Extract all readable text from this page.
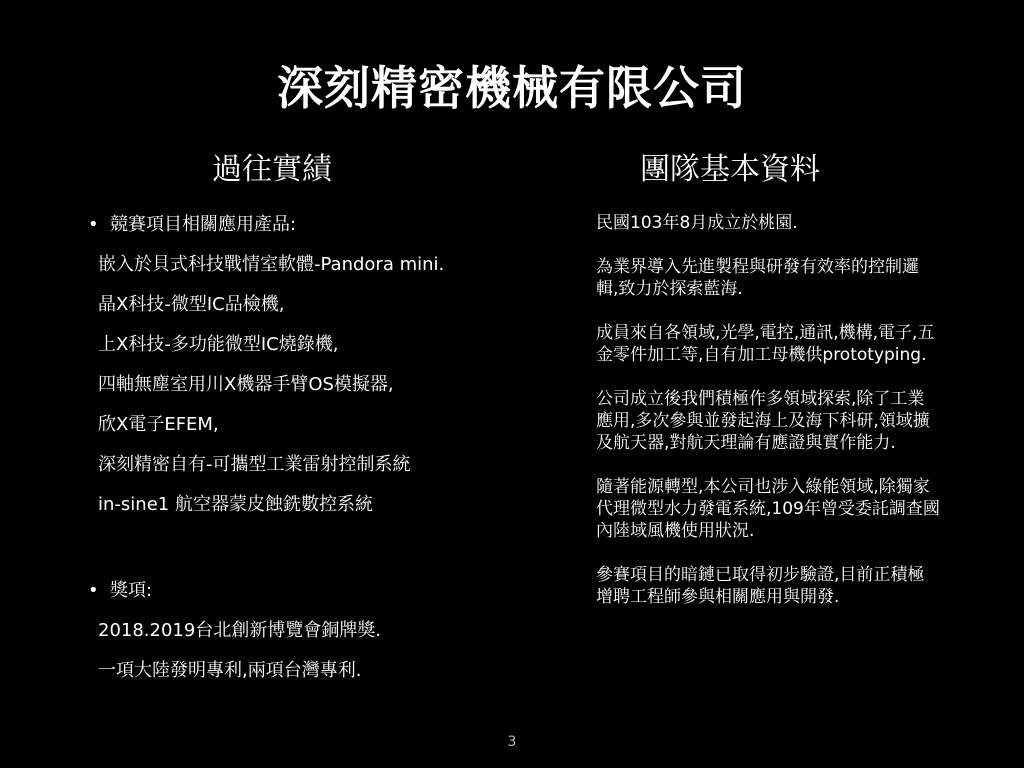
深刻精密機械有限公司
過往實績	團隊基本資料
• 競賽項目相關應用產品:
嵌入於貝式科技戰情室軟體-Pandora mini.
晶X科技-微型IC品檢機,
上X科技-多功能微型IC燒錄機,
四軸無塵室用川X機器手臂OS模擬器,
欣X電子EFEM,
深刻精密自有-可攜型工業雷射控制系統
in-sine1 航空器蒙皮蝕銑數控系統
• 獎項:
2018.2019台北創新博覽會銅牌獎.
一項大陸發明專利,兩項台灣專利.

民國103年8月成立於桃園.

為業界導入先進製程與研發有效率的控制邏輯,致力於探索藍海.

成員來自各領域,光學,電控,通訊,機構,電子,五金零件加工等,自有加工母機供prototyping.

公司成立後我們積極作多領域探索,除了工業應用,多次參與並發起海上及海下科研,領域擴及航天器,對航天理論有應證與實作能力.

隨著能源轉型,本公司也涉入綠能領域,除獨家代理微型水力發電系統,109年曾受委託調查國內陸域風機使用狀況.

參賽項目的暗鏈已取得初步驗證,目前正積極增聘工程師參與相關應用與開發.

3
